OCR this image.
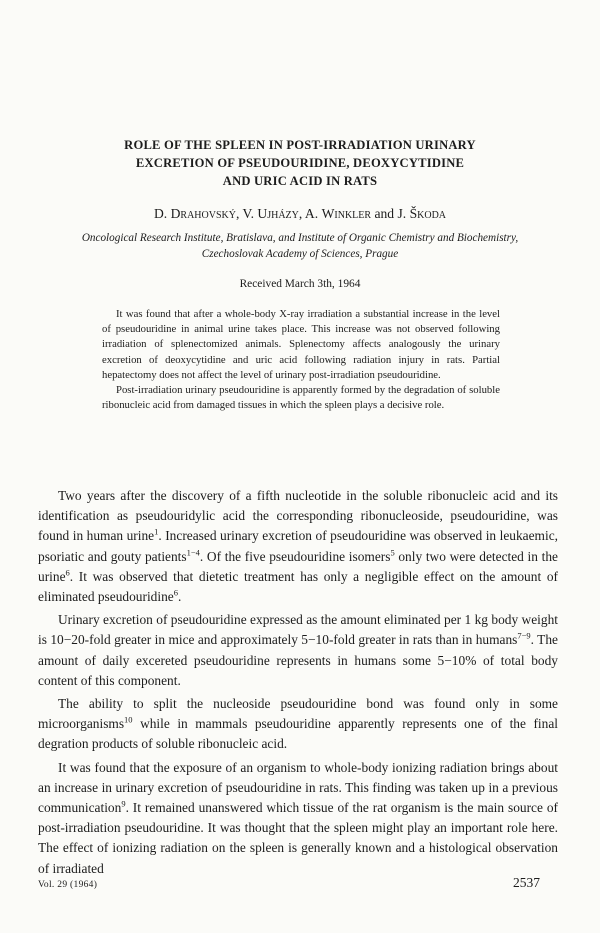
ROLE OF THE SPLEEN IN POST-IRRADIATION URINARY
EXCRETION OF PSEUDOURIDINE, DEOXYCYTIDINE
AND URIC ACID IN RATS
D. Drahovský, V. Ujházy, A. Winkler and J. Škoda
Oncological Research Institute, Bratislava, and Institute of Organic Chemistry and Biochemistry,
Czechoslovak Academy of Sciences, Prague
Received March 3th, 1964

It was found that after a whole-body X-ray irradiation a substantial increase in the level of pseudouridine in animal urine takes place. This increase was not observed following irradiation of splenectomized animals. Splenectomy affects analogously the urinary excretion of deoxycytidine and uric acid following radiation injury in rats. Partial hepatectomy does not affect the level of urinary post-irradiation pseudouridine.

Post-irradiation urinary pseudouridine is apparently formed by the degradation of soluble ribonucleic acid from damaged tissues in which the spleen plays a decisive role.

Two years after the discovery of a fifth nucleotide in the soluble ribonucleic acid and its identification as pseudouridylic acid the corresponding ribonucleoside, pseudouridine, was found in human urine$^1$. Increased urinary excretion of pseudouridine was observed in leukaemic, psoriatic and gouty patients$^{1-4}$. Of the five pseudouridine isomers$^5$ only two were detected in the urine$^6$. It was observed that dietetic treatment has only a negligible effect on the amount of eliminated pseudouridine$^6$.

Urinary excretion of pseudouridine expressed as the amount eliminated per 1 kg body weight is 10−20-fold greater in mice and approximately 5−10-fold greater in rats than in humans$^{7-9}$. The amount of daily excereted pseudouridine represents in humans some 5−10% of total body content of this component.

The ability to split the nucleoside pseudouridine bond was found only in some microorganisms$^{10}$ while in mammals pseudouridine apparently represents one of the final degration products of soluble ribonucleic acid.

It was found that the exposure of an organism to whole-body ionizing radiation brings about an increase in urinary excretion of pseudouridine in rats. This finding was taken up in a previous communication$^9$. It remained unanswered which tissue of the rat organism is the main source of post-irradiation pseudouridine. It was thought that the spleen might play an important role here. The effect of ionizing radiation on the spleen is generally known and a histological observation of irradiated

Vol. 29 (1964)	2537
